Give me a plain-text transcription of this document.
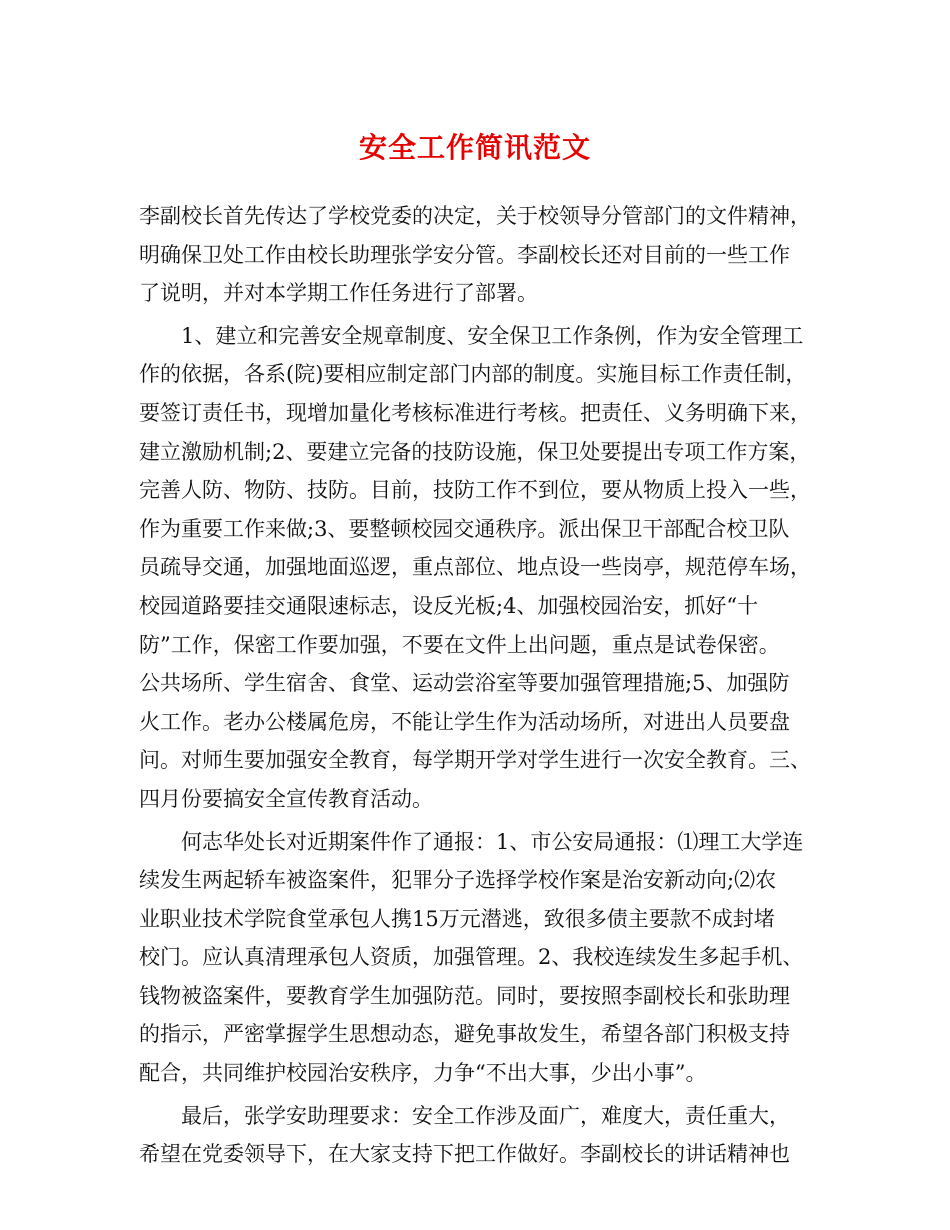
安全工作简讯范文
李副校长首先传达了学校党委的决定，关于校领导分管部门的文件精神，
明确保卫处工作由校长助理张学安分管。李副校长还对目前的一些工作
了说明，并对本学期工作任务进行了部署。
　　1、建立和完善安全规章制度、安全保卫工作条例，作为安全管理工
作的依据，各系(院)要相应制定部门内部的制度。实施目标工作责任制，
要签订责任书，现增加量化考核标准进行考核。把责任、义务明确下来，
建立激励机制;2、要建立完备的技防设施，保卫处要提出专项工作方案，
完善人防、物防、技防。目前，技防工作不到位，要从物质上投入一些，
作为重要工作来做;3、要整顿校园交通秩序。派出保卫干部配合校卫队
员疏导交通，加强地面巡逻，重点部位、地点设一些岗亭，规范停车场，
校园道路要挂交通限速标志，设反光板;4、加强校园治安，抓好“十
防”工作，保密工作要加强，不要在文件上出问题，重点是试卷保密。
公共场所、学生宿舍、食堂、运动尝浴室等要加强管理措施;5、加强防
火工作。老办公楼属危房，不能让学生作为活动场所，对进出人员要盘
问。对师生要加强安全教育，每学期开学对学生进行一次安全教育。三、
四月份要搞安全宣传教育活动。
　　何志华处长对近期案件作了通报：1、市公安局通报：⑴理工大学连
续发生两起轿车被盗案件，犯罪分子选择学校作案是治安新动向;⑵农
业职业技术学院食堂承包人携15万元潜逃，致很多债主要款不成封堵
校门。应认真清理承包人资质，加强管理。2、我校连续发生多起手机、
钱物被盗案件，要教育学生加强防范。同时，要按照李副校长和张助理
的指示，严密掌握学生思想动态，避免事故发生，希望各部门积极支持
配合，共同维护校园治安秩序，力争“不出大事，少出小事”。
　　最后，张学安助理要求：安全工作涉及面广，难度大，责任重大，
希望在党委领导下，在大家支持下把工作做好。李副校长的讲话精神也
